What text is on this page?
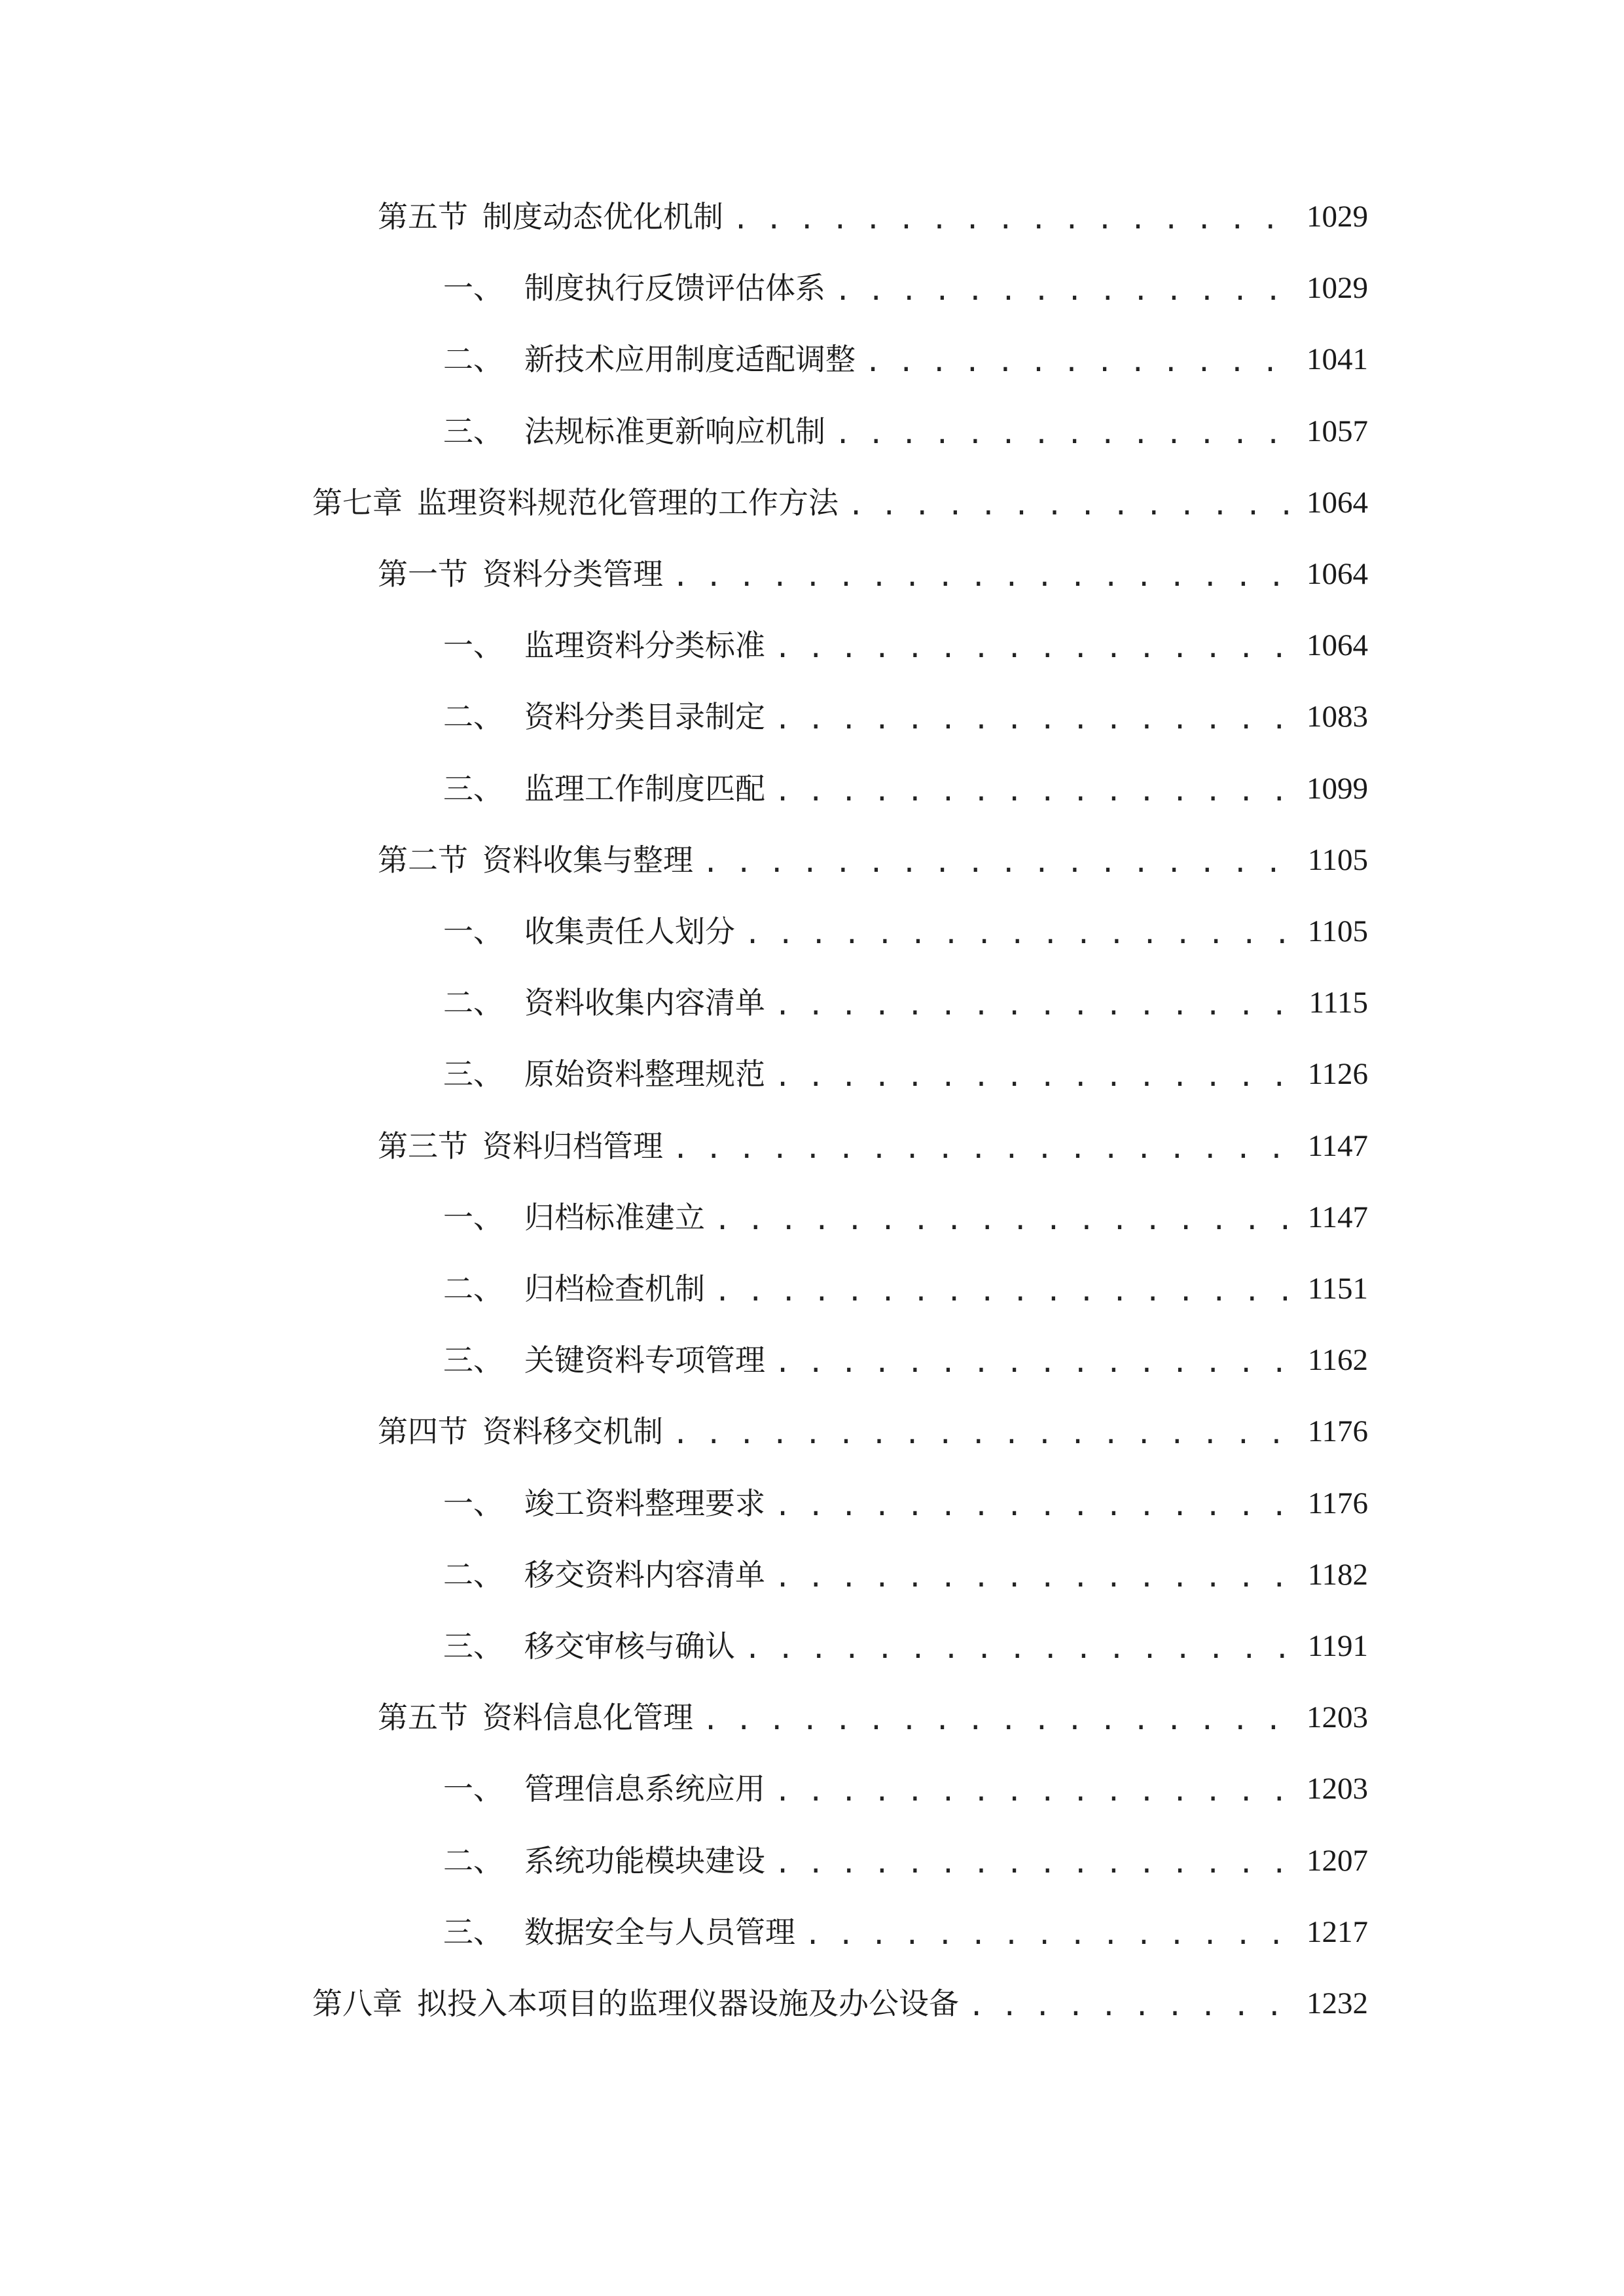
第五节 制度动态优化机制 . . .	1029
一、 制度执行反馈评估体系 . . .	1029
二、 新技术应用制度适配调整 . . .	1041
三、 法规标准更新响应机制 . . .	1057
第七章 监理资料规范化管理的工作方法 . . .	1064
第一节 资料分类管理 . . .	1064
一、 监理资料分类标准 . . .	1064
二、 资料分类目录制定 . . .	1083
三、 监理工作制度匹配 . . .	1099
第二节 资料收集与整理 . . .	1105
一、 收集责任人划分 . . .	1105
二、 资料收集内容清单 . . .	1115
三、 原始资料整理规范 . . .	1126
第三节 资料归档管理 . . .	1147
一、 归档标准建立 . . .	1147
二、 归档检查机制 . . .	1151
三、 关键资料专项管理 . . .	1162
第四节 资料移交机制 . . .	1176
一、 竣工资料整理要求 . . .	1176
二、 移交资料内容清单 . . .	1182
三、 移交审核与确认 . . .	1191
第五节 资料信息化管理 . . .	1203
一、 管理信息系统应用 . . .	1203
二、 系统功能模块建设 . . .	1207
三、 数据安全与人员管理 . . .	1217
第八章 拟投入本项目的监理仪器设施及办公设备 . . .	1232
